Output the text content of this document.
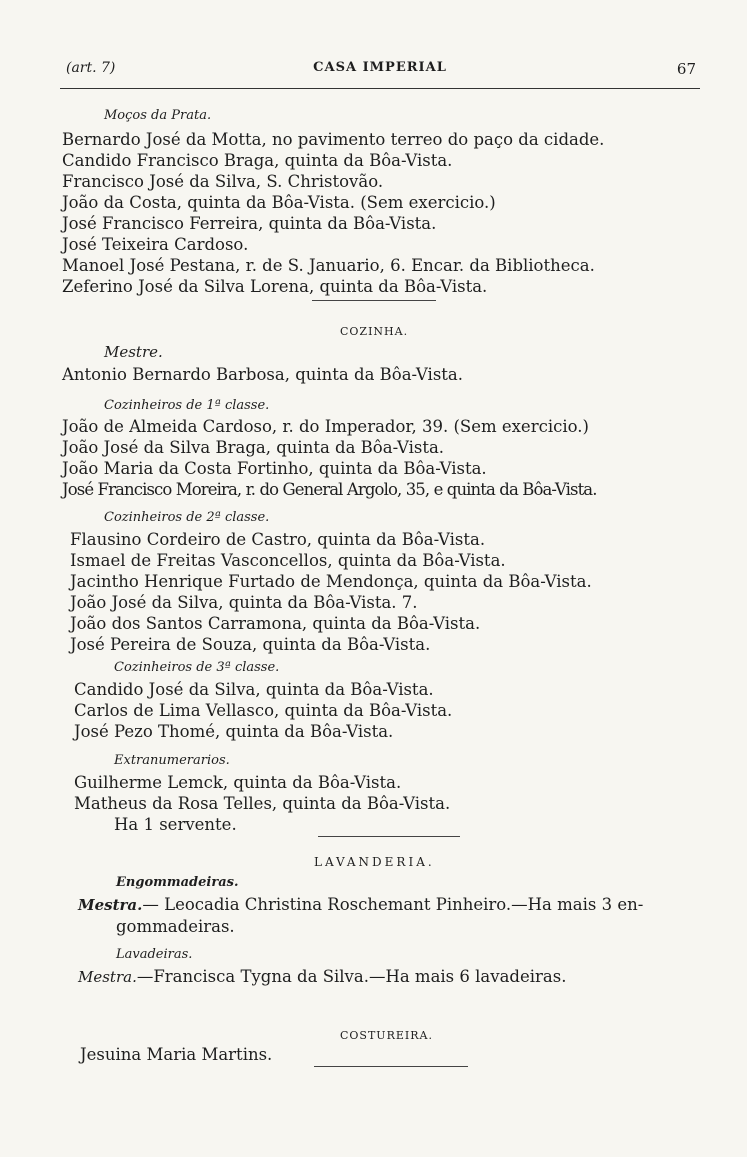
(art. 7)	CASA IMPERIAL	67
Moços da Prata.
Bernardo José da Motta, no pavimento terreo do paço da cidade.
Candido Francisco Braga, quinta da Bôa-Vista.
Francisco José da Silva, S. Christovão.
João da Costa, quinta da Bôa-Vista. (Sem exercicio.)
José Francisco Ferreira, quinta da Bôa-Vista.
José Teixeira Cardoso.
Manoel José Pestana, r. de S. Januario, 6. Encar. da Bibliotheca.
Zeferino José da Silva Lorena, quinta da Bôa-Vista.
COZINHA.
Mestre.
Antonio Bernardo Barbosa, quinta da Bôa-Vista.
Cozinheiros de 1ª classe.
João de Almeida Cardoso, r. do Imperador, 39. (Sem exercicio.)
João José da Silva Braga, quinta da Bôa-Vista.
João Maria da Costa Fortinho, quinta da Bôa-Vista.
José Francisco Moreira, r. do General Argolo, 35, e quinta da Bôa-Vista.
Cozinheiros de 2ª classe.
Flausino Cordeiro de Castro, quinta da Bôa-Vista.
Ismael de Freitas Vasconcellos, quinta da Bôa-Vista.
Jacintho Henrique Furtado de Mendonça, quinta da Bôa-Vista.
João José da Silva, quinta da Bôa-Vista. 7.
João dos Santos Carramona, quinta da Bôa-Vista.
José Pereira de Souza, quinta da Bôa-Vista.
Cozinheiros de 3ª classe.
Candido José da Silva, quinta da Bôa-Vista.
Carlos de Lima Vellasco, quinta da Bôa-Vista.
José Pezo Thomé, quinta da Bôa-Vista.
Extranumerarios.
Guilherme Lemck, quinta da Bôa-Vista.
Matheus da Rosa Telles, quinta da Bôa-Vista.
Ha 1 servente.
LAVANDERIA.
Engommadeiras.
Mestra.— Leocadia Christina Roschemant Pinheiro.—Ha mais 3 en-
gommadeiras.
Lavadeiras.
Mestra.—Francisca Tygna da Silva.—Ha mais 6 lavadeiras.
COSTUREIRA.
Jesuina Maria Martins.
